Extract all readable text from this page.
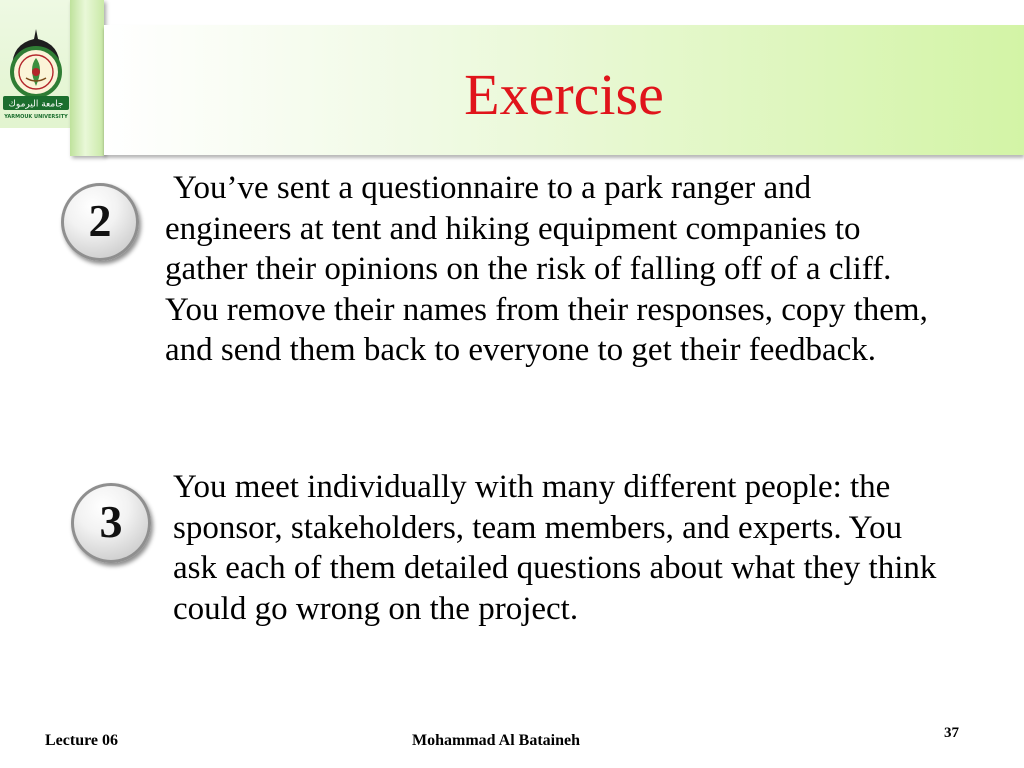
جامعة اليرموك
YARMOUK UNIVERSITY	Exercise
2
You’ve sent a questionnaire to a park ranger and
engineers at tent and hiking equipment companies to
gather their opinions on the risk of falling off of a cliff.
You remove their names from their responses, copy them,
and send them back to everyone to get their feedback.
3
You meet individually with many different people: the
sponsor, stakeholders, team members, and experts. You
ask each of them detailed questions about what they think
could go wrong on the project.
Lecture 06	Mohammad Al Bataineh	37
